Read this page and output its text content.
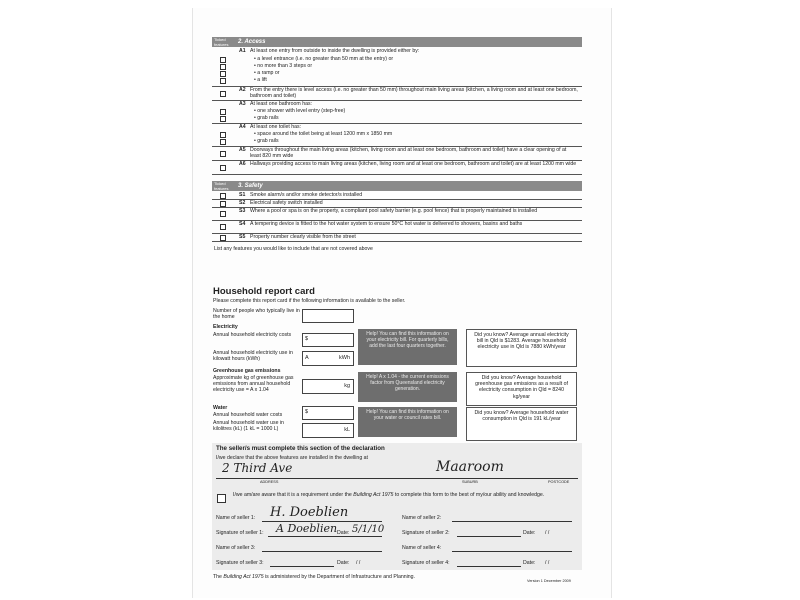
Ticked features 2. Access
A1 At least one entry from outside to inside the dwelling is provided either by:
• a level entrance (i.e. no greater than 50 mm at the entry) or
• no more than 3 steps or
• a ramp or
• a lift
A2 From the entry there is level access (i.e. no greater than 50 mm) throughout main living areas (kitchen, a living room and at least one bedroom, bathroom and toilet)
A3 At least one bathroom has:
• one shower with level entry (step-free)
• grab rails
A4 At least one toilet has:
• space around the toilet being at least 1200 mm x 1850 mm
• grab rails
A5 Doorways throughout the main living areas (kitchen, living room and at least one bedroom, bathroom and toilet) have a clear opening of at least 820 mm wide
A6 Hallways providing access to main living areas (kitchen, living room and at least one bedroom, bathroom and toilet) are at least 1200 mm wide
Ticked features 3. Safety
S1 Smoke alarm/s and/or smoke detector/s installed
S2 Electrical safety switch installed
S3 Where a pool or spa is on the property, a compliant pool safety barrier (e.g. pool fence) that is properly maintained is installed
S4 A tempering device is fitted to the hot water system to ensure 50°C hot water is delivered to showers, basins and baths
S5 Property number clearly visible from the street
List any features you would like to include that are not covered above
Household report card
Please complete this report card if the following information is available to the seller.
Number of people who typically live in the home
Electricity
Annual household electricity costs
$
Annual household electricity use in kilowatt hours (kWh)	A	kWh
Help! You can find this information on your electricity bill. For quarterly bills, add the last four quarters together.
Did you know? Average annual electricity bill in Qld is $1283. Average household electricity use in Qld is 7880 kWh/year
Greenhouse gas emissions
Approximate kg of greenhouse gas emissions from annual household electricity use = A x 1.04
kg
Help! A x 1.04 - the current emissions factor from Queensland electricity generation.
Did you know? Average household greenhouse gas emissions as a result of electricity consumption in Qld = 8240 kg/year
Water
Annual household water costs	$
Annual household water use in kilolitres (kL) (1 kL = 1000 L)	kL
Help! You can find this information on your water or council rates bill.
Did you know? Average household water consumption in Qld is 191 kL/year
The seller/s must complete this section of the declaration
I/we declare that the above features are installed in the dwelling at
2 Third Ave	Maaroom
ADDRESS	SUBURB	POSTCODE
I/we am/are aware that it is a requirement under the Building Act 1975 to complete this form to the best of my/our ability and knowledge.
Name of seller 1: H. Doeblien	Name of seller 2:
Signature of seller 1: A Doeblien Date: 5/1/10	Signature of seller 2:	Date: / /
Name of seller 3:	Name of seller 4:
Signature of seller 3:	Date: / /	Signature of seller 4:	Date: / /
The Building Act 1975 is administered by the Department of Infrastructure and Planning.
Version 1 December 2009
